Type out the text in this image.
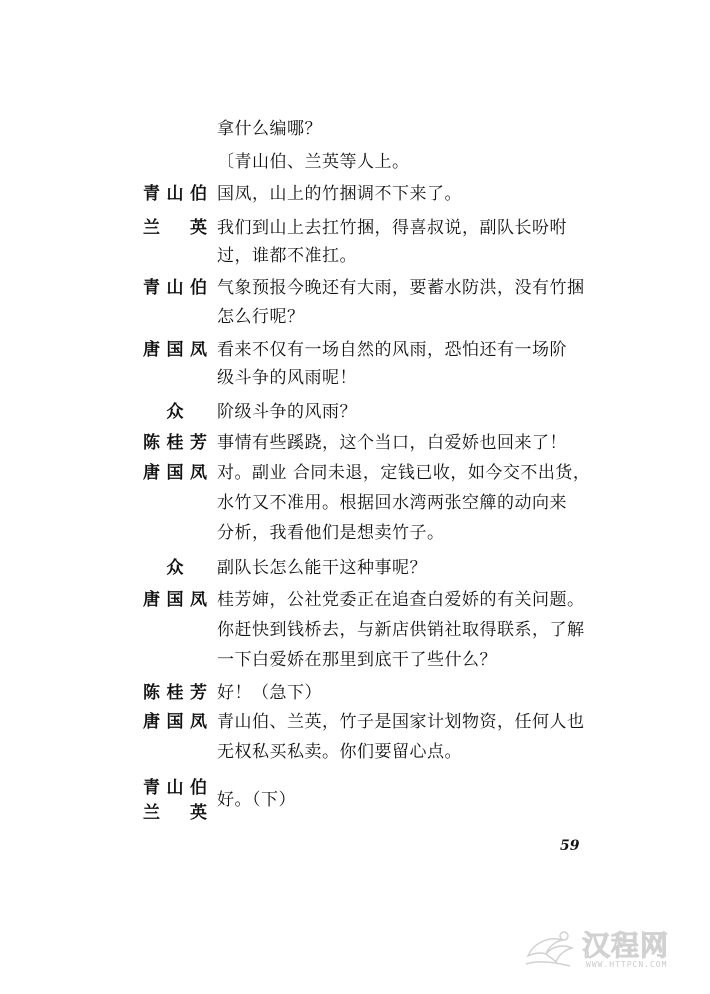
拿什么编哪？
〔青山伯、兰英等人上。
青山伯 国凤，山上的竹捆调不下来了。
兰　英 我们到山上去扛竹捆，得喜叔说，副队长吩咐
过，谁都不准扛。
青山伯 气象预报今晚还有大雨，要蓄水防洪，没有竹捆
怎么行呢？
唐国凤 看来不仅有一场自然的风雨，恐怕还有一场阶
级斗争的风雨呢！
众	阶级斗争的风雨？
陈桂芳 事情有些蹊跷，这个当口，白爱娇也回来了！
唐国凤 对。副业 合同未退，定钱已收，如今交不出货，
水竹又不准用。根据回水湾两张空簰的动向来
分析，我看他们是想卖竹子。
众	副队长怎么能干这种事呢？
唐国凤 桂芳婶，公社党委正在追查白爱娇的有关问题。
你赶快到钱桥去，与新店供销社取得联系，了解
一下白爱娇在那里到底干了些什么？
陈桂芳 好！（急下）
唐国凤 青山伯、兰英，竹子是国家计划物资，任何人也
无权私买私卖。你们要留心点。
青山伯
兰　英
好。（下）
59
汉程网
WWW.HTTPCN.COM
